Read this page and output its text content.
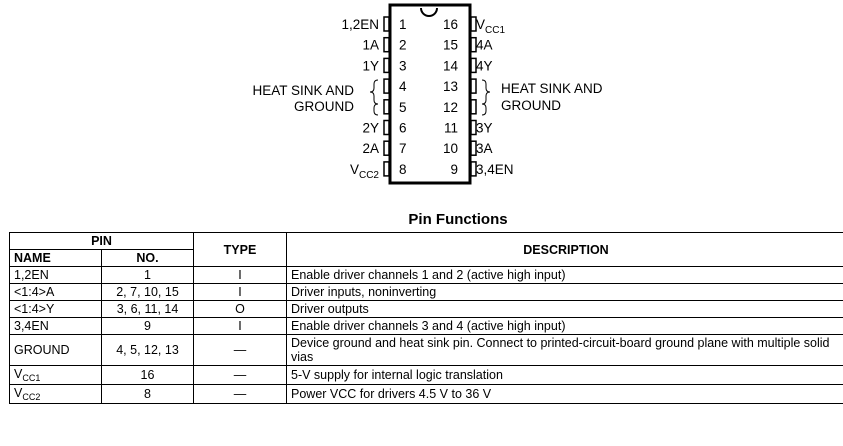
1
1,2EN
2
1A
3
1Y
4
5
6
2Y
7
2A
8
$V_{CC2}$
16 $V_{CC1}$
15 4A
14 4Y
13
12
11 3Y
10 3A
9 3,4EN
HEAT SINK AND
GROUND
HEAT SINK AND
GROUND
Pin Functions
PIN		TYPE	DESCRIPTION
NAME	NO.		
1,2EN	1	I	Enable driver channels 1 and 2 (active high input)
<1:4>A	2, 7, 10, 15	I	Driver inputs, noninverting
<1:4>Y	3, 6, 11, 14	O	Driver outputs
3,4EN	9	I	Enable driver channels 3 and 4 (active high input)
GROUND	4, 5, 12, 13	—	Device ground and heat sink pin. Connect to printed-circuit-board ground plane with multiple solid vias
$V_{CC1}$	16	—	5-V supply for internal logic translation
$V_{CC2}$	8	—	Power VCC for drivers 4.5 V to 36 V
